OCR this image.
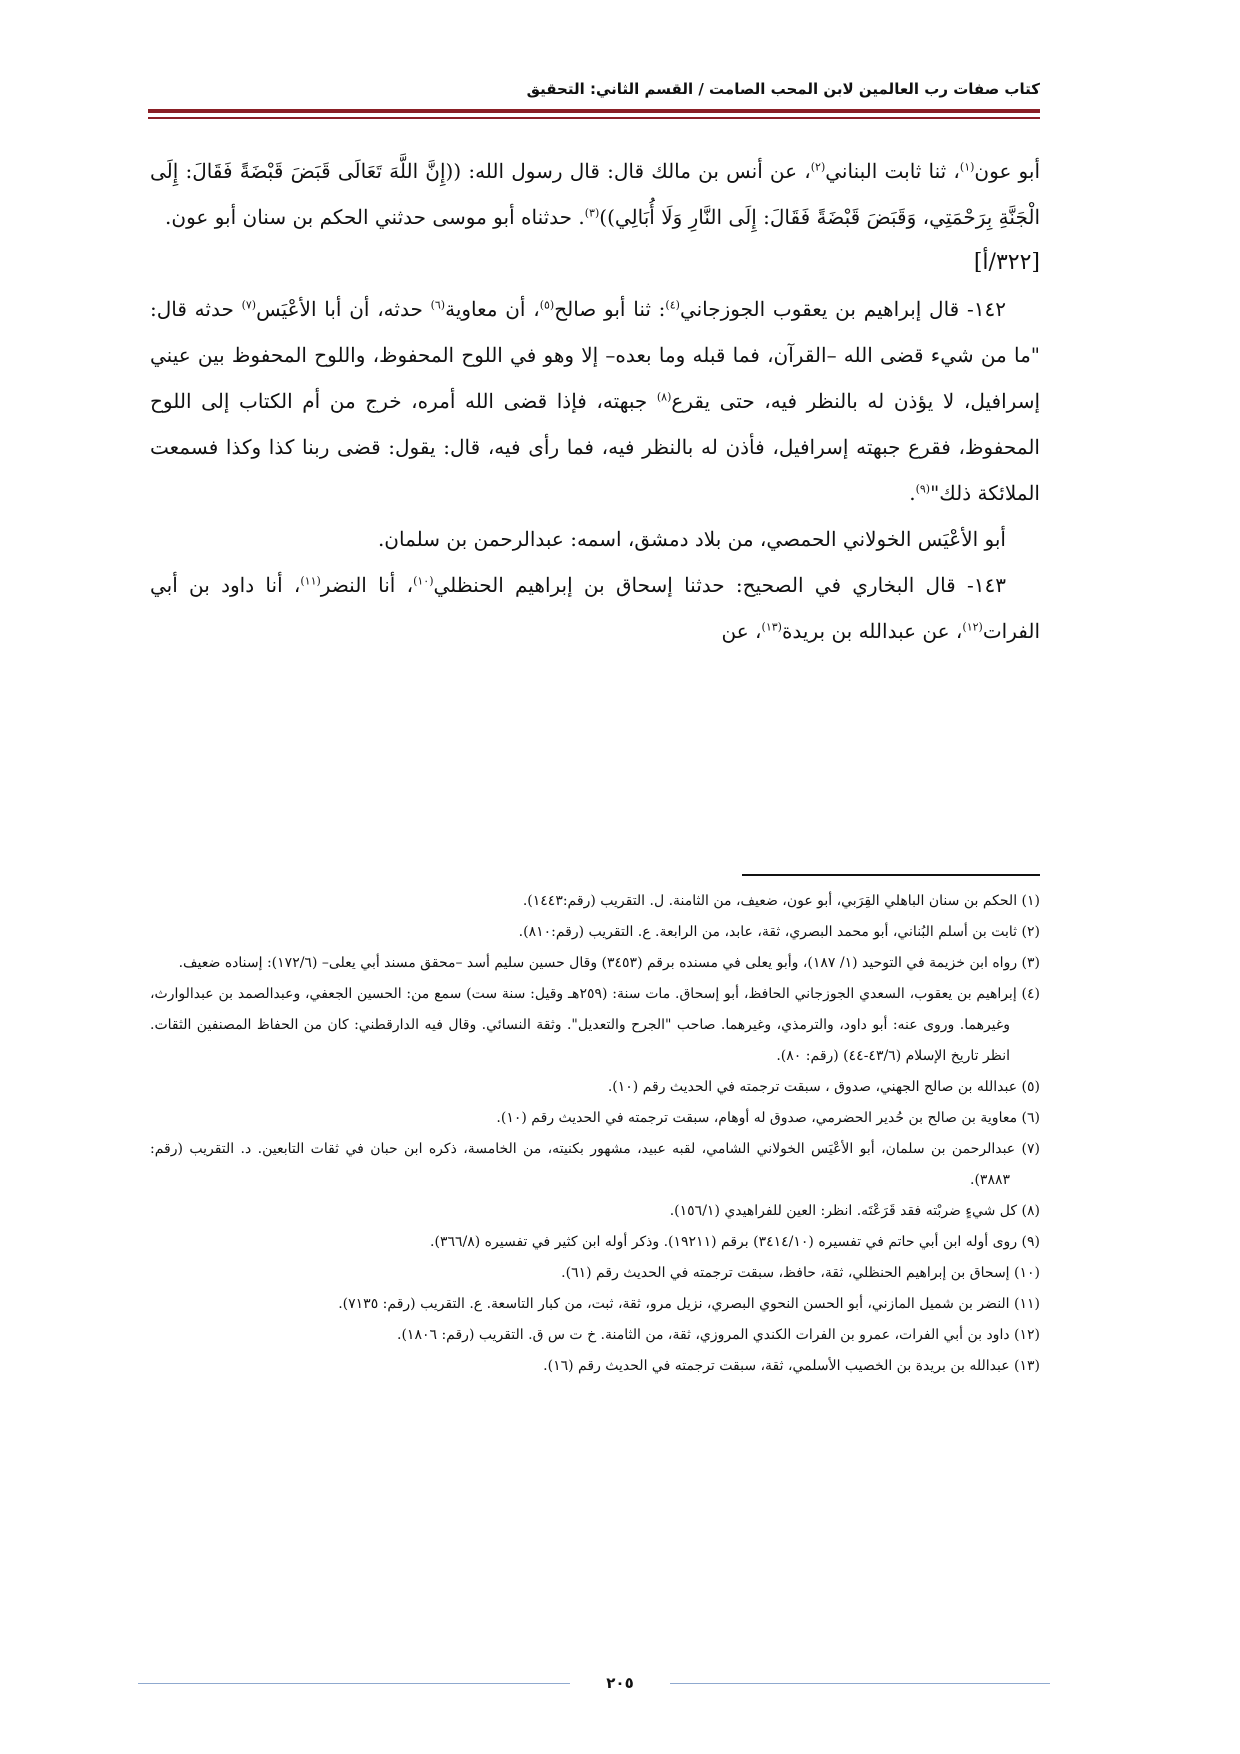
كتاب صفات رب العالمين لابن المحب الصامت / القسم الثاني: التحقيق

أبو عون$^{(١)}$، ثنا ثابت البناني$^{(٢)}$، عن أنس بن مالك قال: قال رسول الله: ((إِنَّ اللَّهَ تَعَالَى قَبَضَ قَبْضَةً فَقَالَ: إِلَى الْجَنَّةِ بِرَحْمَتِي، وَقَبَضَ قَبْضَةً فَقَالَ: إِلَى النَّارِ وَلَا أُبَالِي))$^{(٣)}$. حدثناه أبو موسى حدثني الحكم بن سنان أبو عون.

[٣٢٢/أ]

١٤٢- قال إبراهيم بن يعقوب الجوزجاني$^{(٤)}$: ثنا أبو صالح$^{(٥)}$، أن معاوية$^{(٦)}$ حدثه، أن أبا الأعْيَس$^{(٧)}$ حدثه قال: "ما من شيء قضى الله –القرآن، فما قبله وما بعده– إلا وهو في اللوح المحفوظ، واللوح المحفوظ بين عيني إسرافيل، لا يؤذن له بالنظر فيه، حتى يقرع$^{(٨)}$ جبهته، فإذا قضى الله أمره، خرج من أم الكتاب إلى اللوح المحفوظ، فقرع جبهته إسرافيل، فأذن له بالنظر فيه، فما رأى فيه، قال: يقول: قضى ربنا كذا وكذا فسمعت الملائكة ذلك"$^{(٩)}$.

أبو الأعْيَس الخولاني الحمصي، من بلاد دمشق، اسمه: عبدالرحمن بن سلمان.

١٤٣- قال البخاري في الصحيح: حدثنا إسحاق بن إبراهيم الحنظلي$^{(١٠)}$، أنا النضر$^{(١١)}$، أنا داود بن أبي الفرات$^{(١٢)}$، عن عبدالله بن بريدة$^{(١٣)}$، عن

(١) الحكم بن سنان الباهلي القِرَبي، أبو عون، ضعيف، من الثامنة. ل. التقريب (رقم:١٤٤٣).

(٢) ثابت بن أسلم البُناني، أبو محمد البصري، ثقة، عابد، من الرابعة. ع. التقريب (رقم:٨١٠).

(٣) رواه ابن خزيمة في التوحيد (١/ ١٨٧)، وأبو يعلى في مسنده برقم (٣٤٥٣) وقال حسين سليم أسد –محقق مسند أبي يعلى– (١٧٢/٦): إسناده ضعيف.

(٤) إبراهيم بن يعقوب، السعدي الجوزجاني الحافظ، أبو إسحاق. مات سنة: (٢٥٩هـ وقيل: سنة ست) سمع من: الحسين الجعفي، وعبدالصمد بن عبدالوارث، وغيرهما. وروى عنه: أبو داود، والترمذي، وغيرهما. صاحب "الجرح والتعديل". وثقة النسائي. وقال فيه الدارقطني: كان من الحفاظ المصنفين الثقات. انظر تاريخ الإسلام (٤٣/٦-٤٤) (رقم: ٨٠).

(٥) عبدالله بن صالح الجهني، صدوق ، سبقت ترجمته في الحديث رقم (١٠).

(٦) معاوية بن صالح بن حُدير الحضرمي، صدوق له أوهام، سبقت ترجمته في الحديث رقم (١٠).

(٧) عبدالرحمن بن سلمان، أبو الأعْيَس الخولاني الشامي، لقبه عبيد، مشهور بكنيته، من الخامسة، ذكره ابن حبان في ثقات التابعين. د. التقريب (رقم: ٣٨٨٣).

(٨) كل شيءٍ ضربْته فقد قَرَعْتَه. انظر: العين للفراهيدي (١٥٦/١).

(٩) روى أوله ابن أبي حاتم في تفسيره (٣٤١٤/١٠) برقم (١٩٢١١). وذكر أوله ابن كثير في تفسيره (٣٦٦/٨).

(١٠) إسحاق بن إبراهيم الحنظلي، ثقة، حافظ، سبقت ترجمته في الحديث رقم (٦١).

(١١) النضر بن شميل المازني، أبو الحسن النحوي البصري، نزيل مرو، ثقة، ثبت، من كبار التاسعة. ع. التقريب (رقم: ٧١٣٥).

(١٢) داود بن أبي الفرات، عمرو بن الفرات الكندي المروزي، ثقة، من الثامنة. خ ت س ق. التقريب (رقم: ١٨٠٦).

(١٣) عبدالله بن بريدة بن الخصيب الأسلمي، ثقة، سبقت ترجمته في الحديث رقم (١٦).

٢٠٥
